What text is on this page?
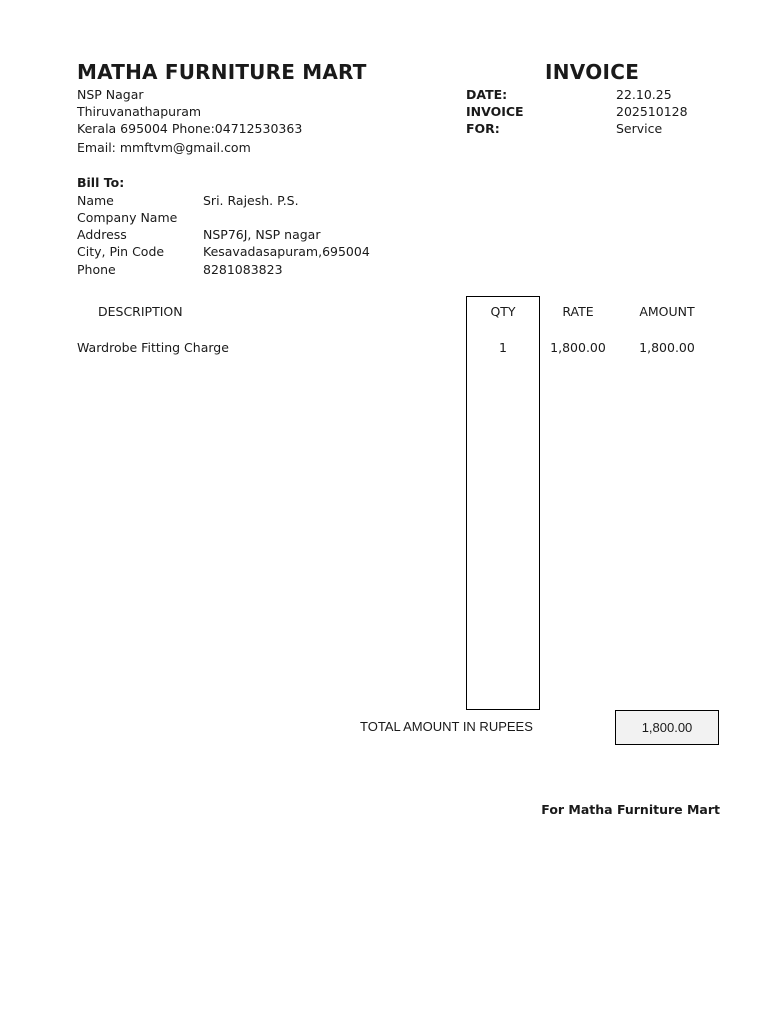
MATHA FURNITURE MART	INVOICE
NSP Nagar
Thiruvanathapuram
Kerala 695004 Phone:04712530363
Email: mmftvm@gmail.com
DATE:	22.10.25
INVOICE	202510128
FOR:	Service
Bill To:
Name	Sri. Rajesh. P.S.
Company Name
Address	NSP76J, NSP nagar
City, Pin Code	Kesavadasapuram,695004
Phone	8281083823
DESCRIPTION	QTY	RATE	AMOUNT
Wardrobe Fitting Charge	1	1,800.00	1,800.00
TOTAL AMOUNT IN RUPEES	1,800.00
For Matha Furniture Mart
